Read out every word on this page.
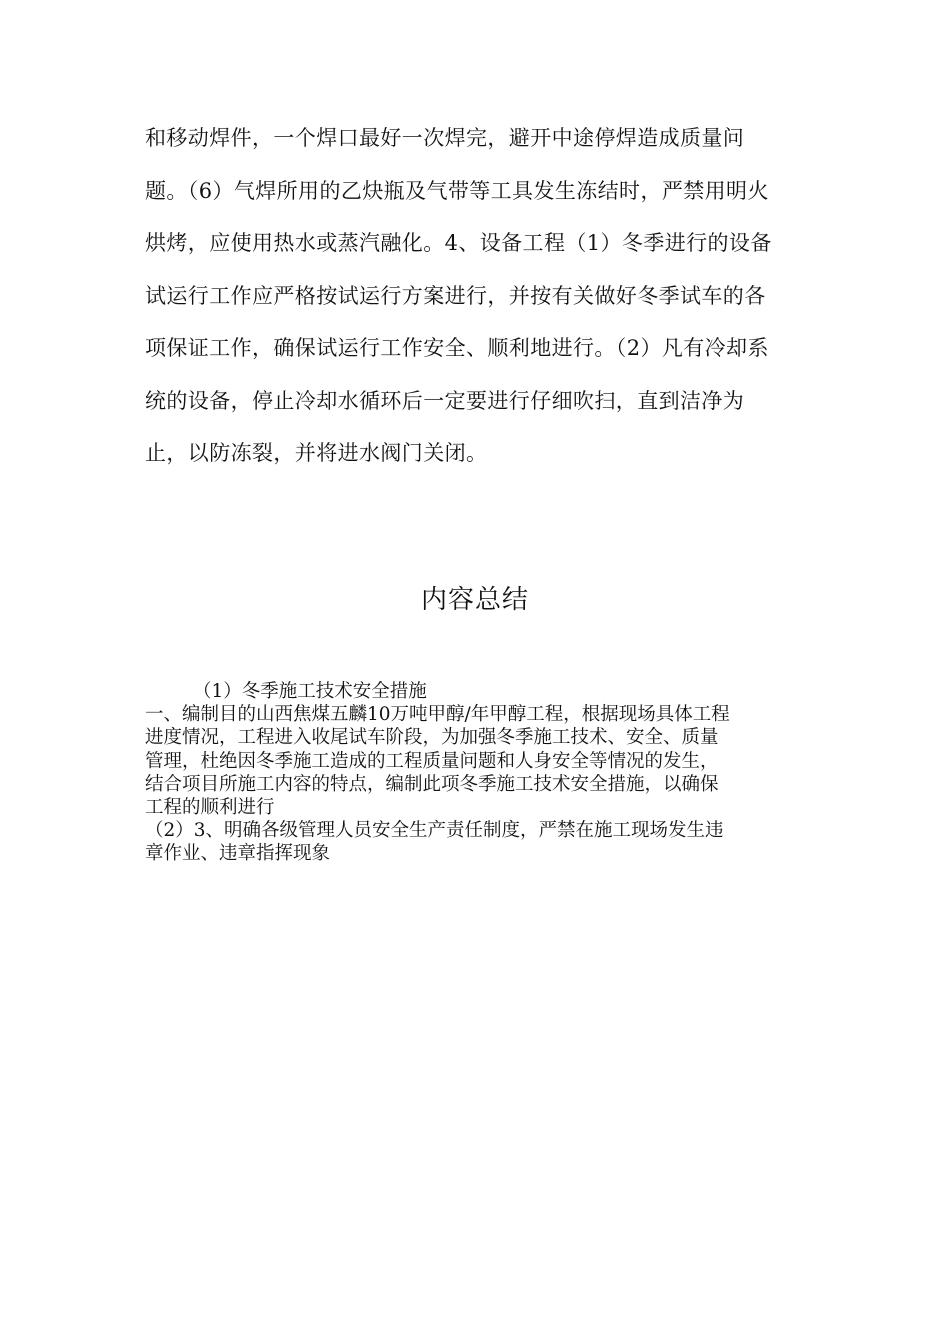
和移动焊件，一个焊口最好一次焊完，避开中途停焊造成质量问
题。（6）气焊所用的乙炔瓶及气带等工具发生冻结时，严禁用明火
烘烤，应使用热水或蒸汽融化。4、设备工程（1）冬季进行的设备
试运行工作应严格按试运行方案进行，并按有关做好冬季试车的各
项保证工作，确保试运行工作安全、顺利地进行。（2）凡有冷却系
统的设备，停止冷却水循环后一定要进行仔细吹扫，直到洁净为
止，以防冻裂，并将进水阀门关闭。
内容总结
（1）冬季施工技术安全措施
一、编制目的山西焦煤五麟10万吨甲醇/年甲醇工程，根据现场具体工程
进度情况，工程进入收尾试车阶段，为加强冬季施工技术、安全、质量
管理，杜绝因冬季施工造成的工程质量问题和人身安全等情况的发生，
结合项目所施工内容的特点，编制此项冬季施工技术安全措施，以确保
工程的顺利进行
（2）3、明确各级管理人员安全生产责任制度，严禁在施工现场发生违
章作业、违章指挥现象
